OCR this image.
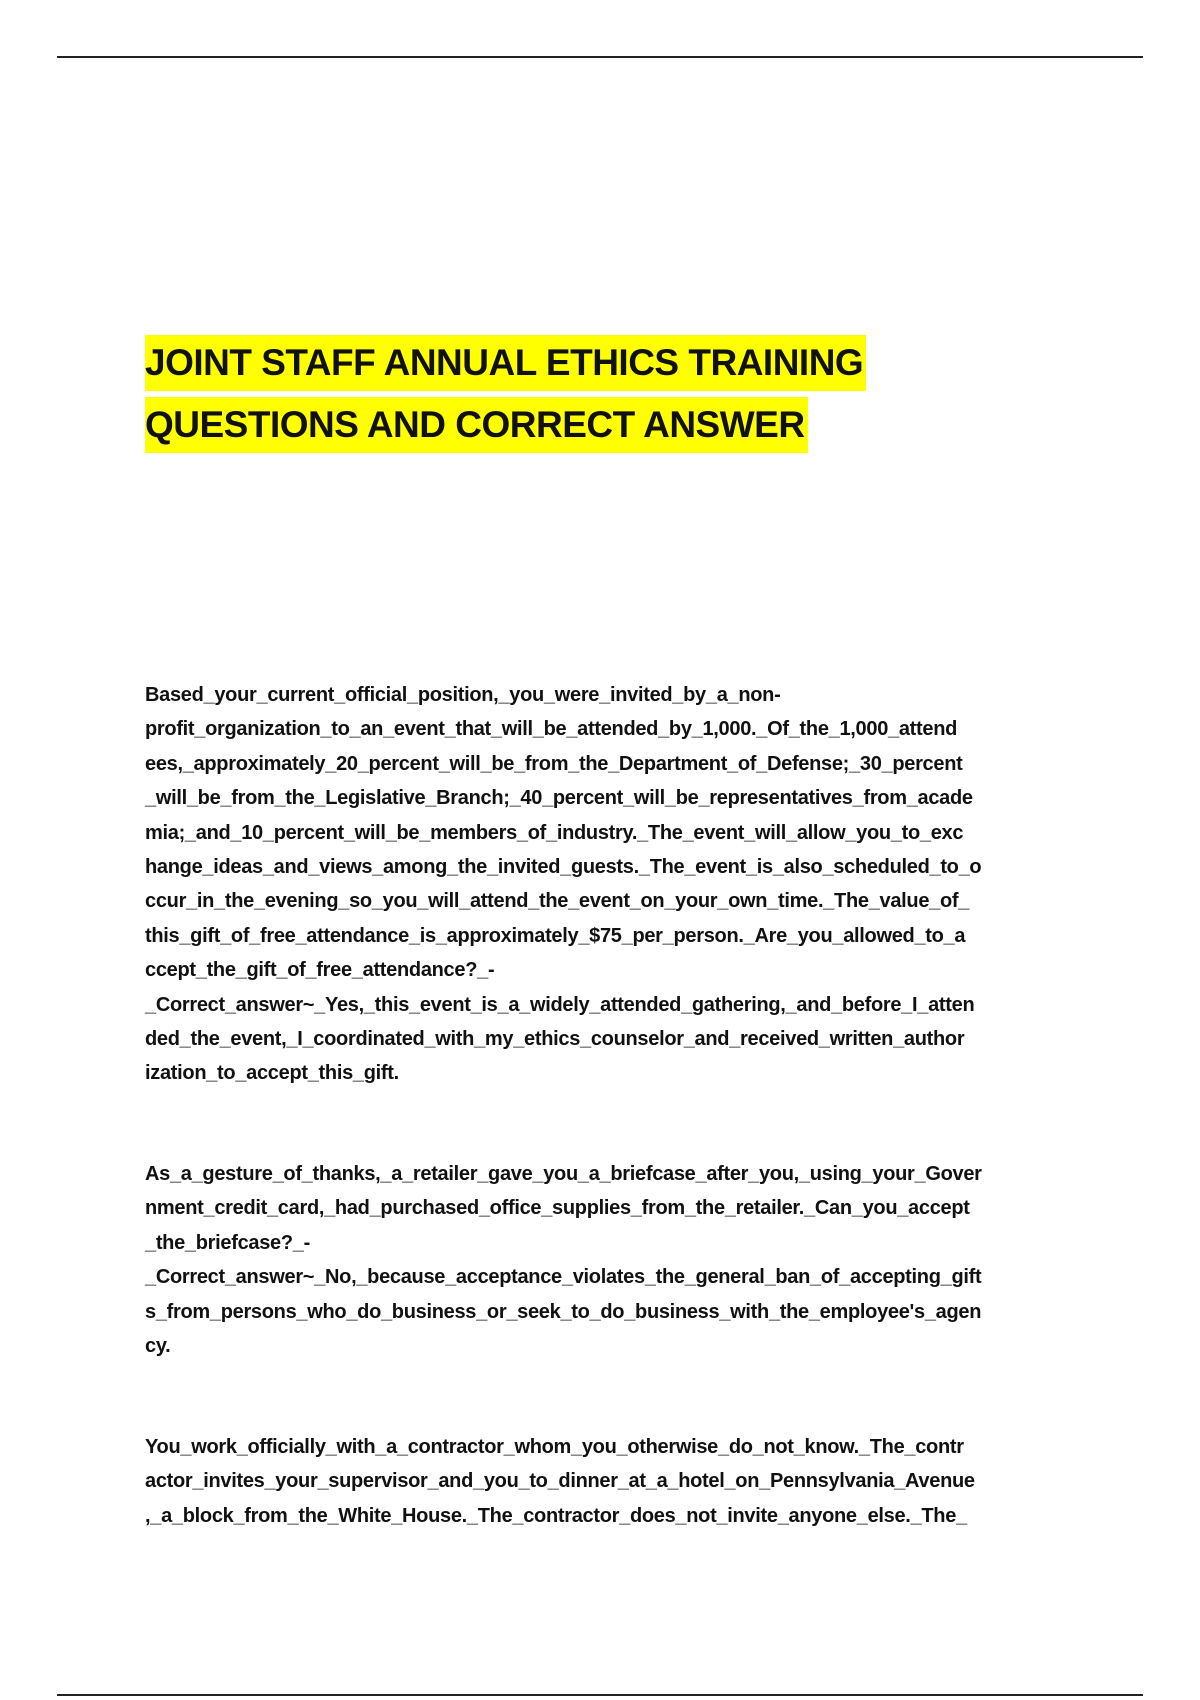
JOINT STAFF ANNUAL ETHICS TRAINING
QUESTIONS AND CORRECT ANSWER
Based_your_current_official_position,_you_were_invited_by_a_non-
profit_organization_to_an_event_that_will_be_attended_by_1,000._Of_the_1,000_attend
ees,_approximately_20_percent_will_be_from_the_Department_of_Defense;_30_percent
_will_be_from_the_Legislative_Branch;_40_percent_will_be_representatives_from_acade
mia;_and_10_percent_will_be_members_of_industry._The_event_will_allow_you_to_exc
hange_ideas_and_views_among_the_invited_guests._The_event_is_also_scheduled_to_o
ccur_in_the_evening_so_you_will_attend_the_event_on_your_own_time._The_value_of_
this_gift_of_free_attendance_is_approximately_$75_per_person._Are_you_allowed_to_a
ccept_the_gift_of_free_attendance?_-
_Correct_answer~_Yes,_this_event_is_a_widely_attended_gathering,_and_before_I_atten
ded_the_event,_I_coordinated_with_my_ethics_counselor_and_received_written_author
ization_to_accept_this_gift.
As_a_gesture_of_thanks,_a_retailer_gave_you_a_briefcase_after_you,_using_your_Gover
nment_credit_card,_had_purchased_office_supplies_from_the_retailer._Can_you_accept
_the_briefcase?_-
_Correct_answer~_No,_because_acceptance_violates_the_general_ban_of_accepting_gift
s_from_persons_who_do_business_or_seek_to_do_business_with_the_employee's_agen
cy.
You_work_officially_with_a_contractor_whom_you_otherwise_do_not_know._The_contr
actor_invites_your_supervisor_and_you_to_dinner_at_a_hotel_on_Pennsylvania_Avenue
,_a_block_from_the_White_House._The_contractor_does_not_invite_anyone_else._The_
